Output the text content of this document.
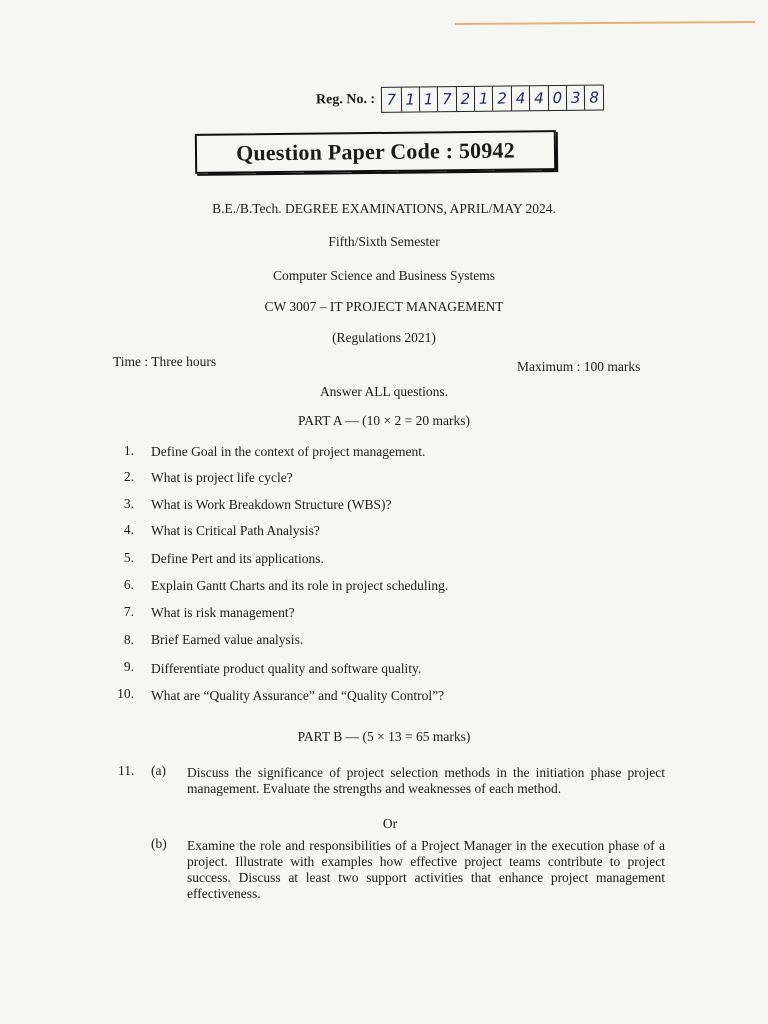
Reg. No. : 7 1 1 7 2 1 2 4 4 0 3 8
Question Paper Code : 50942
B.E./B.Tech. DEGREE EXAMINATIONS, APRIL/MAY 2024.
Fifth/Sixth Semester
Computer Science and Business Systems
CW 3007 – IT PROJECT MANAGEMENT
(Regulations 2021)
Time : Three hours	Maximum : 100 marks
Answer ALL questions.
PART A — (10 × 2 = 20 marks)
1. Define Goal in the context of project management.
2. What is project life cycle?
3. What is Work Breakdown Structure (WBS)?
4. What is Critical Path Analysis?
5. Define Pert and its applications.
6. Explain Gantt Charts and its role in project scheduling.
7. What is risk management?
8. Brief Earned value analysis.
9. Differentiate product quality and software quality.
10. What are “Quality Assurance” and “Quality Control”?
PART B — (5 × 13 = 65 marks)
11. (a) Discuss the significance of project selection methods in the initiation phase project management. Evaluate the strengths and weaknesses of each method.
Or
(b) Examine the role and responsibilities of a Project Manager in the execution phase of a project. Illustrate with examples how effective project teams contribute to project success. Discuss at least two support activities that enhance project management effectiveness.
